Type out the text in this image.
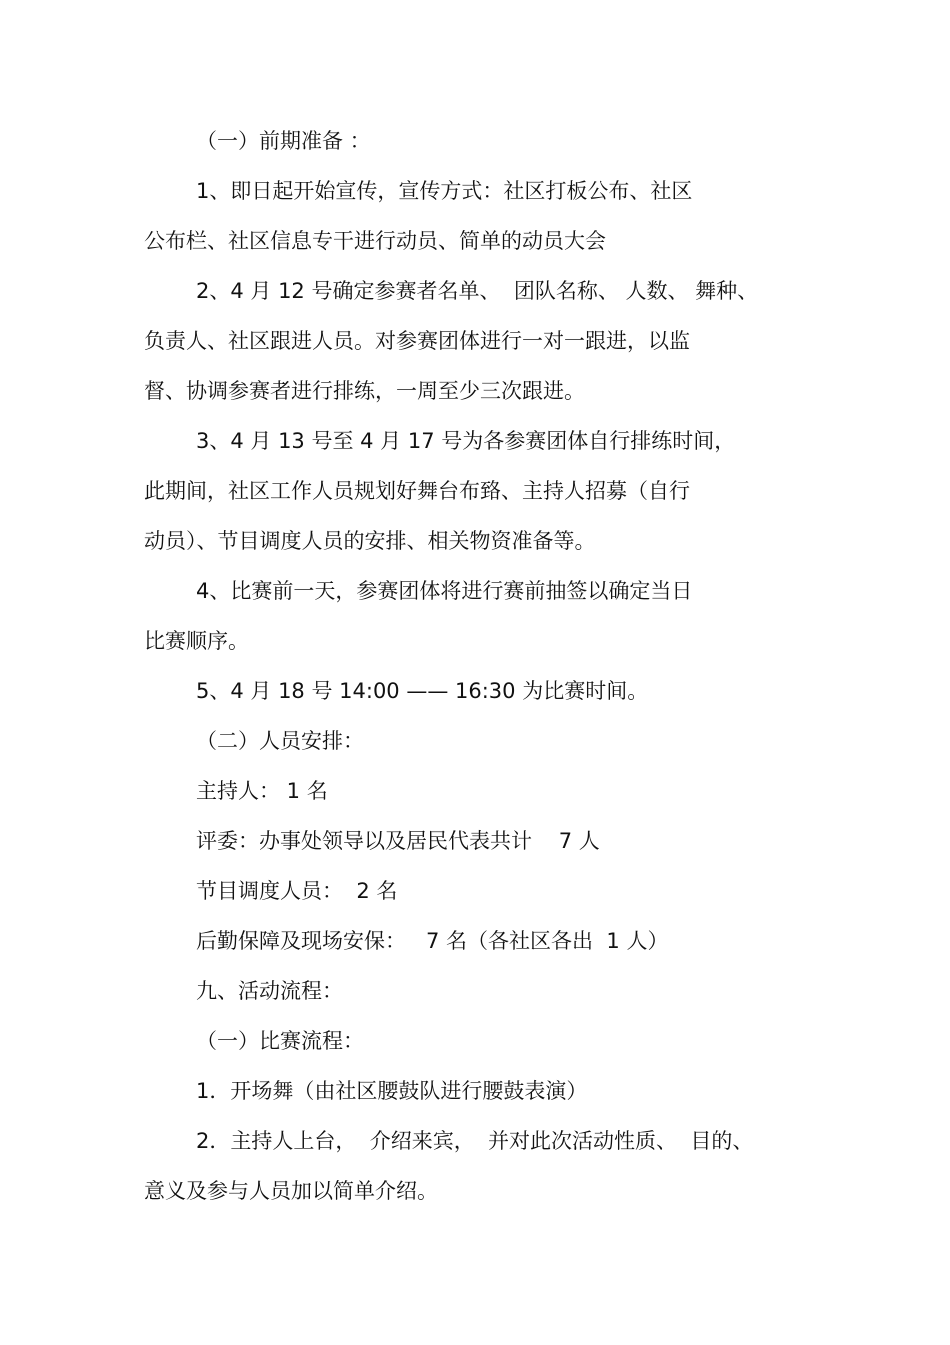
（一）前期准备 ：
1、即日起开始宣传，宣传方式：社区打板公布、社区
公布栏、社区信息专干进行动员、简单的动员大会
2、4 月 12 号确定参赛者名单、  团队名称、 人数、 舞种、
负责人、社区跟进人员。对参赛团体进行一对一跟进，以监
督、协调参赛者进行排练，一周至少三次跟进。
3、4 月 13 号至 4 月 17 号为各参赛团体自行排练时间，
此期间，社区工作人员规划好舞台布臵、主持人招募（自行
动员）、节目调度人员的安排、相关物资准备等。
4、比赛前一天，参赛团体将进行赛前抽签以确定当日
比赛顺序。
5、4 月 18 号 14:00 —— 16:30 为比赛时间。
（二）人员安排：
主持人： 1 名
评委：办事处领导以及居民代表共计    7 人
节目调度人员：  2 名
后勤保障及现场安保：   7 名（各社区各出  1 人）
九、活动流程：
（一）比赛流程：
1．开场舞（由社区腰鼓队进行腰鼓表演）
2．主持人上台，  介绍来宾，  并对此次活动性质、  目的、
意义及参与人员加以简单介绍。
